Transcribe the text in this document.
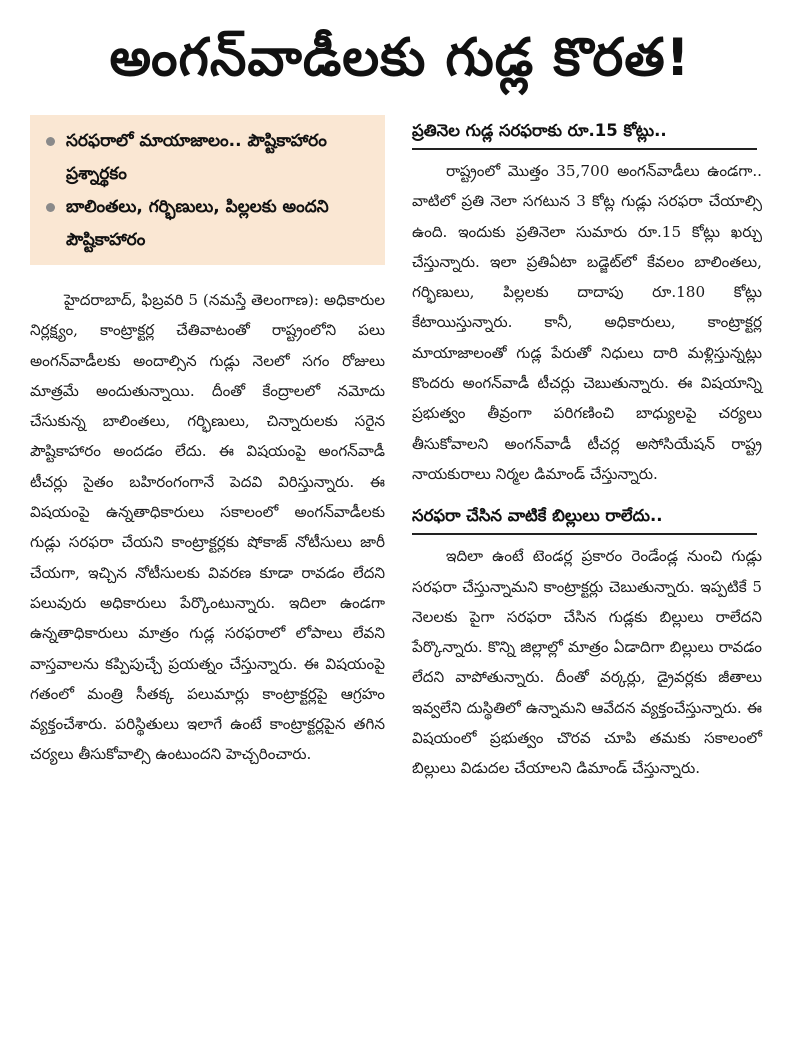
అంగన్‌వాడీలకు గుడ్ల కొరత!
సరఫరాలో మాయాజాలం.. పౌష్టికాహారం ప్రశ్నార్థకం
బాలింతలు, గర్భిణులు, పిల్లలకు అందని పౌష్టికాహారం

హైదరాబాద్, ఫిబ్రవరి 5 (నమస్తే తెలంగాణ): అధికారుల నిర్లక్ష్యం, కాంట్రాక్టర్ల చేతివాటంతో రాష్ట్రంలోని పలు అంగన్‌వాడీలకు అందాల్సిన గుడ్లు నెలలో సగం రోజులు మాత్రమే అందుతున్నాయి. దీంతో కేంద్రాలలో నమోదు చేసుకున్న బాలింతలు, గర్భిణులు, చిన్నారులకు సరైన పౌష్టికాహారం అందడం లేదు. ఈ విషయంపై అంగన్‌వాడీ టీచర్లు సైతం బహిరంగంగానే పెదవి విరిస్తున్నారు. ఈ విషయంపై ఉన్నతాధికారులు సకాలంలో అంగన్‌వాడీలకు గుడ్లు సరఫరా చేయని కాంట్రాక్టర్లకు షోకాజ్ నోటీసులు జారీ చేయగా, ఇచ్చిన నోటీసులకు వివరణ కూడా రావడం లేదని పలువురు అధికారులు పేర్కొంటున్నారు. ఇదిలా ఉండగా ఉన్నతాధికారులు మాత్రం గుడ్ల సరఫరాలో లోపాలు లేవని వాస్తవాలను కప్పిపుచ్చే ప్రయత్నం చేస్తున్నారు. ఈ విషయంపై గతంలో మంత్రి సీతక్క పలుమార్లు కాంట్రాక్టర్లపై ఆగ్రహం వ్యక్తంచేశారు. పరిస్థితులు ఇలాగే ఉంటే కాంట్రాక్టర్లపైన తగిన చర్యలు తీసుకోవాల్సి ఉంటుందని హెచ్చరించారు.

ప్రతినెల గుడ్ల సరఫరాకు రూ.15 కోట్లు..

రాష్ట్రంలో మొత్తం 35,700 అంగన్‌వాడీలు ఉండగా.. వాటిలో ప్రతి నెలా సగటున 3 కోట్ల గుడ్లు సరఫరా చేయాల్సి ఉంది. ఇందుకు ప్రతినెలా సుమారు రూ.15 కోట్లు ఖర్చు చేస్తున్నారు. ఇలా ప్రతిఏటా బడ్జెట్‌లో కేవలం బాలింతలు, గర్భిణులు, పిల్లలకు దాదాపు రూ.180 కోట్లు కేటాయిస్తున్నారు. కానీ, అధికారులు, కాంట్రాక్టర్ల మాయాజాలంతో గుడ్ల పేరుతో నిధులు దారి మళ్లిస్తున్నట్లు కొందరు అంగన్‌వాడీ టీచర్లు చెబుతున్నారు. ఈ విషయాన్ని ప్రభుత్వం తీవ్రంగా పరిగణించి బాధ్యులపై చర్యలు తీసుకోవాలని అంగన్‌వాడీ టీచర్ల అసోసియేషన్ రాష్ట్ర నాయకురాలు నిర్మల డిమాండ్ చేస్తున్నారు.

సరఫరా చేసిన వాటికే బిల్లులు రాలేదు..

ఇదిలా ఉంటే టెండర్ల ప్రకారం రెండేండ్ల నుంచి గుడ్లు సరఫరా చేస్తున్నామని కాంట్రాక్టర్లు చెబుతున్నారు. ఇప్పటికే 5 నెలలకు పైగా సరఫరా చేసిన గుడ్లకు బిల్లులు రాలేదని పేర్కొన్నారు. కొన్ని జిల్లాల్లో మాత్రం ఏడాదిగా బిల్లులు రావడం లేదని వాపోతున్నారు. దీంతో వర్కర్లు, డ్రైవర్లకు జీతాలు ఇవ్వలేని దుస్థితిలో ఉన్నామని ఆవేదన వ్యక్తంచేస్తున్నారు. ఈ విషయంలో ప్రభుత్వం చొరవ చూపి తమకు సకాలంలో బిల్లులు విడుదల చేయాలని డిమాండ్ చేస్తున్నారు.
